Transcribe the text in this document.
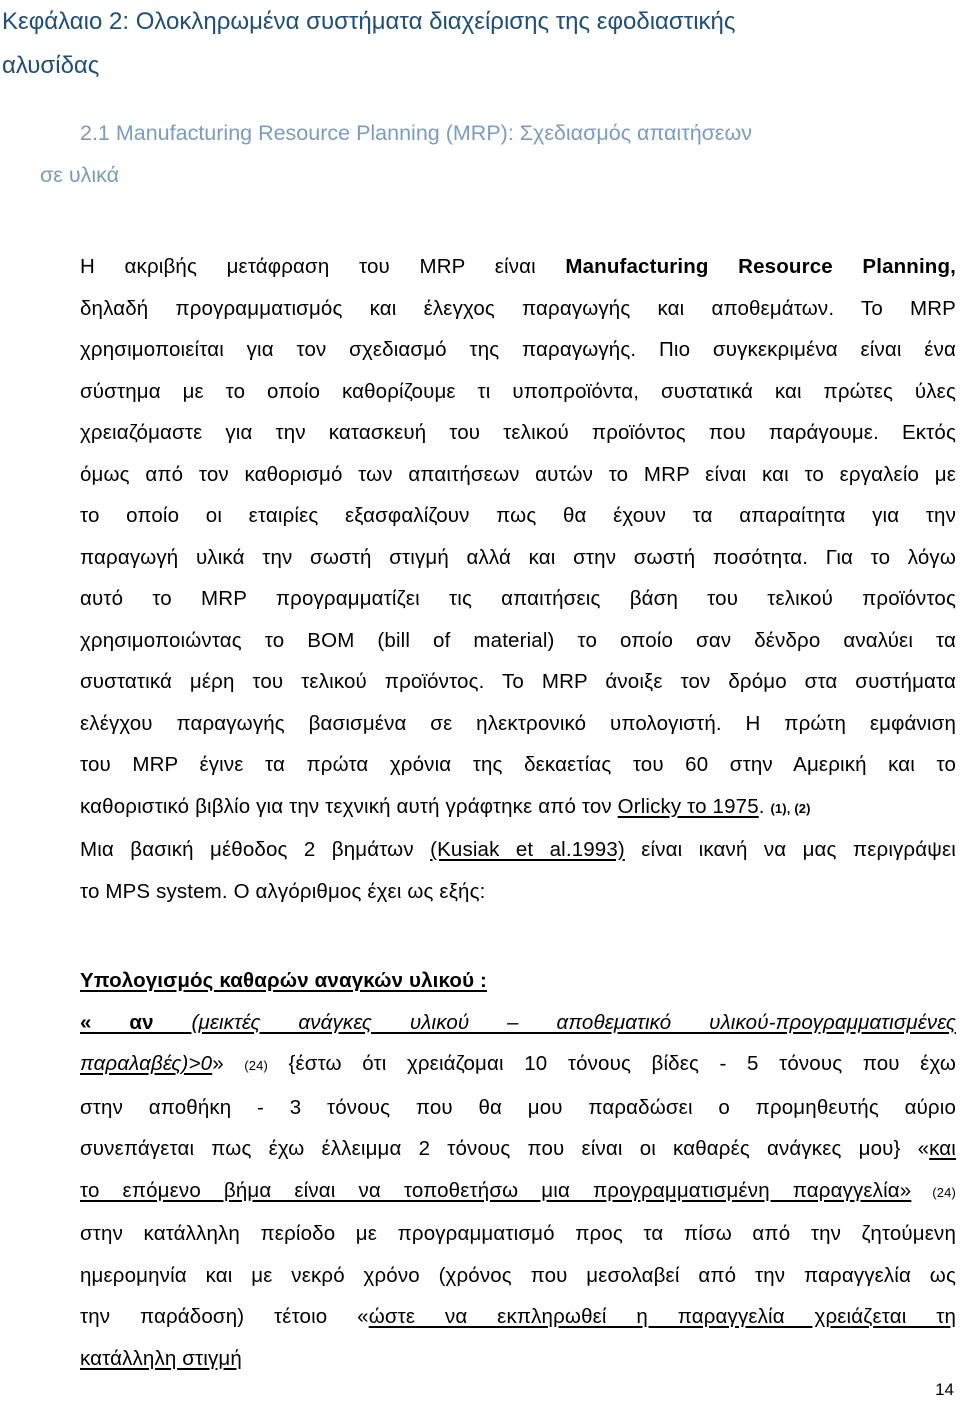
Κεφάλαιο 2: Ολοκληρωμένα συστήματα διαχείρισης της εφοδιαστικής
αλυσίδας
2.1 Manufacturing Resource Planning (MRP): Σχεδιασμός απαιτήσεων
σε υλικά
Η ακριβής μετάφραση του MRP είναι Manufacturing Resource Planning,
δηλαδή προγραμματισμός και έλεγχος παραγωγής και αποθεμάτων. Το MRP
χρησιμοποιείται για τον σχεδιασμό της παραγωγής. Πιο συγκεκριμένα είναι ένα
σύστημα με το οποίο καθορίζουμε τι υποπροϊόντα, συστατικά και πρώτες ύλες
χρειαζόμαστε για την κατασκευή του τελικού προϊόντος που παράγουμε. Εκτός
όμως από τον καθορισμό των απαιτήσεων αυτών το MRP είναι και το εργαλείο με
το οποίο οι εταιρίες εξασφαλίζουν πως θα έχουν τα απαραίτητα για την
παραγωγή υλικά την σωστή στιγμή αλλά και στην σωστή ποσότητα. Για το λόγω
αυτό το MRP προγραμματίζει τις απαιτήσεις βάση του τελικού προϊόντος
χρησιμοποιώντας το BOM (bill of material) το οποίο σαν δένδρο αναλύει τα
συστατικά μέρη του τελικού προϊόντος. Το MRP άνοιξε τον δρόμο στα συστήματα
ελέγχου παραγωγής βασισμένα σε ηλεκτρονικό υπολογιστή. Η πρώτη εμφάνιση
του MRP έγινε τα πρώτα χρόνια της δεκαετίας του 60 στην Αμερική και το
καθοριστικό βιβλίο για την τεχνική αυτή γράφτηκε από τον Orlicky το 1975. (1), (2)
Μια βασική μέθοδος 2 βημάτων (Kusiak et al.1993) είναι ικανή να μας περιγράψει
το MPS system. Ο αλγόριθμος έχει ως εξής:
Υπολογισμός καθαρών αναγκών υλικού :
« αν (μεικτές ανάγκες υλικού – αποθεματικό υλικού-προγραμματισμένες
παραλαβές)>0» (24) {έστω ότι χρειάζομαι 10 τόνους βίδες - 5 τόνους που έχω
στην αποθήκη - 3 τόνους που θα μου παραδώσει ο προμηθευτής αύριο
συνεπάγεται πως έχω έλλειμμα 2 τόνους που είναι οι καθαρές ανάγκες μου} «και
το επόμενο βήμα είναι να τοποθετήσω μια προγραμματισμένη παραγγελία» (24)
στην κατάλληλη περίοδο με προγραμματισμό προς τα πίσω από την ζητούμενη
ημερομηνία και με νεκρό χρόνο (χρόνος που μεσολαβεί από την παραγγελία ως
την παράδοση) τέτοιο «ώστε να εκπληρωθεί η παραγγελία χρειάζεται τη
κατάλληλη στιγμή
14
